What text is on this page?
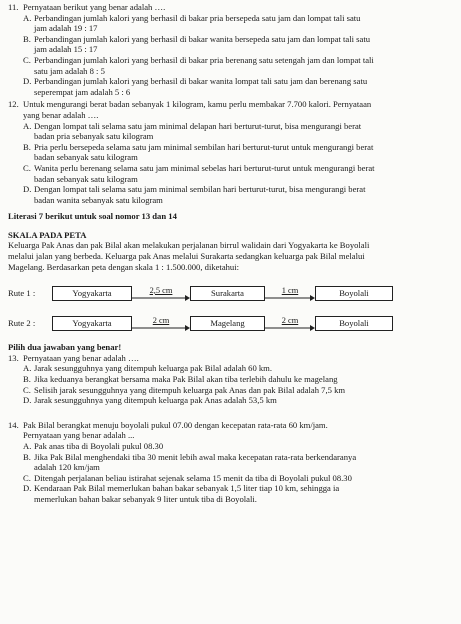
11. Pernyataan berikut yang benar adalah ….
A. Perbandingan jumlah kalori yang berhasil di bakar pria bersepeda satu jam dan lompat tali satu
jam adalah 19 : 17
B. Perbandingan jumlah kalori yang berhasil di bakar wanita bersepeda satu jam dan lompat tali satu
jam adalah 15 : 17
C. Perbandingan jumlah kalori yang berhasil di bakar pria berenang satu setengah jam dan lompat tali
satu jam adalah 8 : 5
D. Perbandingan jumlah kalori yang berhasil di bakar wanita lompat tali satu jam dan berenang satu
seperempat jam adalah 5 : 6
12. Untuk mengurangi berat badan sebanyak 1 kilogram, kamu perlu membakar 7.700 kalori. Pernyataan
yang benar adalah ….
A. Dengan lompat tali selama satu jam minimal delapan hari berturut-turut, bisa mengurangi berat
badan pria sebanyak satu kilogram
B. Pria perlu bersepeda selama satu jam minimal sembilan hari berturut-turut untuk mengurangi berat
badan sebanyak satu kilogram
C. Wanita perlu berenang selama satu jam minimal sebelas hari berturut-turut untuk mengurangi berat
badan sebanyak satu kilogram
D. Dengan lompat tali selama satu jam minimal sembilan hari berturut-turut, bisa mengurangi berat
badan wanita sebanyak satu kilogram
Literasi 7 berikut untuk soal nomor 13 dan 14
SKALA PADA PETA
Keluarga Pak Anas dan pak Bilal akan melakukan perjalanan birrul walidain dari Yogyakarta ke Boyolali
melalui jalan yang berbeda. Keluarga pak Anas melalui Surakarta sedangkan keluarga pak Bilal melalui
Magelang. Berdasarkan peta dengan skala 1 : 1.500.000, diketahui:
Rute 1 :	Yogyakarta	2,5 cm	Surakarta	1 cm	Boyolali
Rute 2 :	Yogyakarta	2 cm	Magelang	2 cm	Boyolali
Pilih dua jawaban yang benar!
13. Pernyataan yang benar adalah ….
A. Jarak sesungguhnya yang ditempuh keluarga pak Bilal adalah 60 km.
B. Jika keduanya berangkat bersama maka Pak Bilal akan tiba terlebih dahulu ke magelang
C. Selisih jarak sesungguhnya yang ditempuh keluarga pak Anas dan pak Bilal adalah 7,5 km
D. Jarak sesungguhnya yang ditempuh keluarga pak Anas adalah 53,5 km
14. Pak Bilal berangkat menuju boyolali pukul 07.00 dengan kecepatan rata-rata 60 km/jam.
Pernyataan yang benar adalah ...
A. Pak anas tiba di Boyolali pukul 08.30
B. Jika Pak Bilal menghendaki tiba 30 menit lebih awal maka kecepatan rata-rata berkendaranya
adalah 120 km/jam
C. Ditengah perjalanan beliau istirahat sejenak selama 15 menit da tiba di Boyolali pukul 08.30
D. Kendaraan Pak Bilal memerlukan bahan bakar sebanyak 1,5 liter tiap 10 km, sehingga ia
memerlukan bahan bakar sebanyak 9 liter untuk tiba di Boyolali.
